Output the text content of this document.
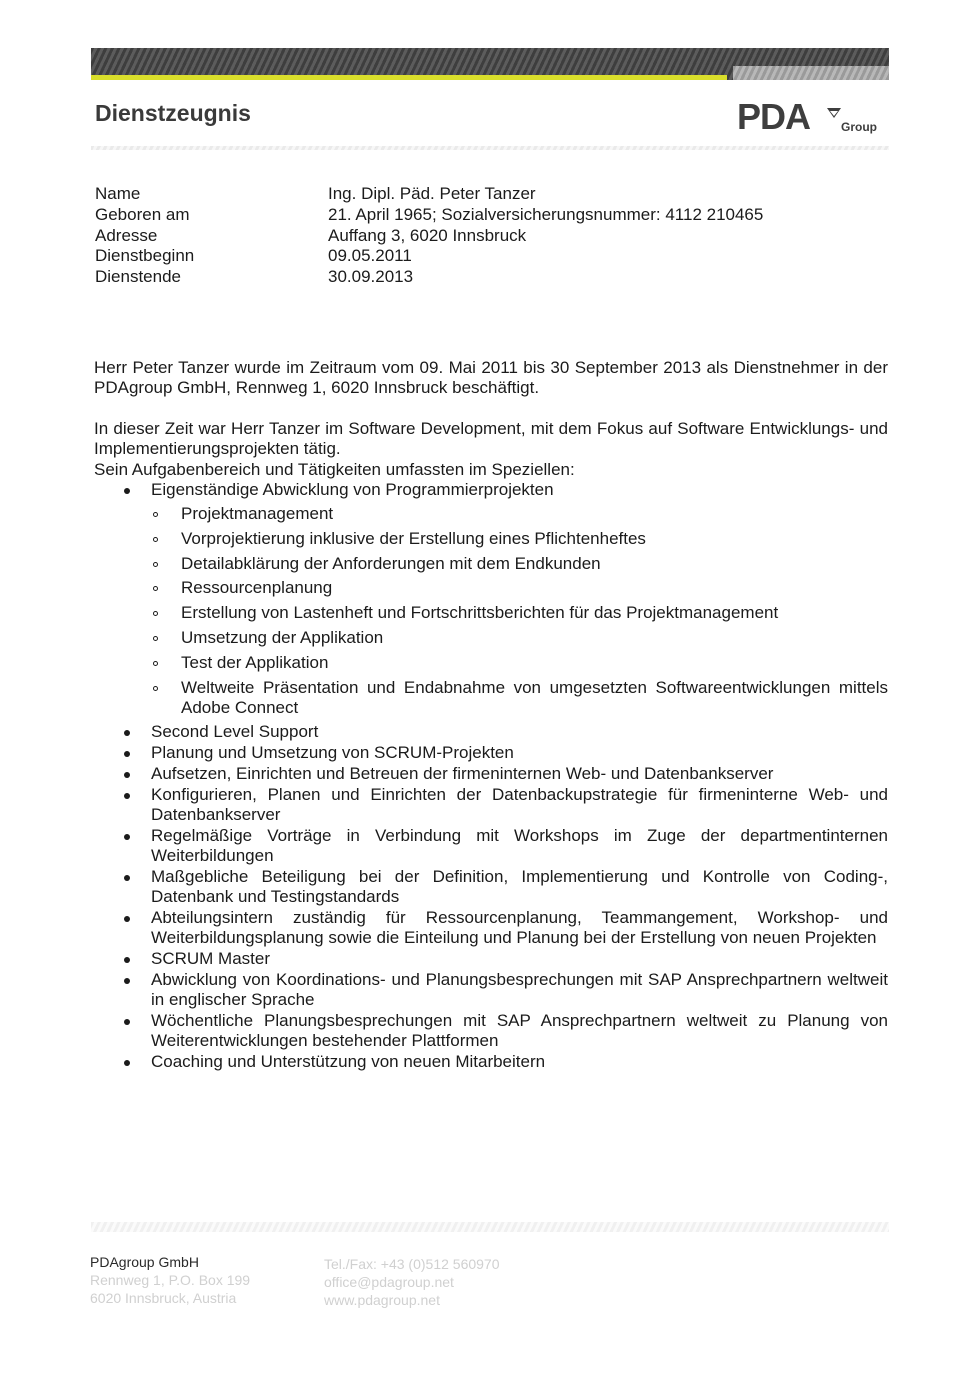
Dienstzeugnis	PDA	Group
Name	Ing. Dipl. Päd. Peter Tanzer
Geboren am	21. April 1965; Sozialversicherungsnummer: 4112 210465
Adresse	Auffang 3, 6020 Innsbruck
Dienstbeginn	09.05.2011
Dienstende	30.09.2013
Herr Peter Tanzer wurde im Zeitraum vom 09. Mai 2011 bis 30 September 2013 als Dienstnehmer in der PDAgroup GmbH, Rennweg 1, 6020 Innsbruck beschäftigt.
In dieser Zeit war Herr Tanzer im Software Development, mit dem Fokus auf Software Entwicklungs- und Implementierungsprojekten tätig.
Sein Aufgabenbereich und Tätigkeiten umfassten im Speziellen:
Eigenständige Abwicklung von Programmierprojekten
Projektmanagement
Vorprojektierung inklusive der Erstellung eines Pflichtenheftes
Detailabklärung der Anforderungen mit dem Endkunden
Ressourcenplanung
Erstellung von Lastenheft und Fortschrittsberichten für das Projektmanagement
Umsetzung der Applikation
Test der Applikation
Weltweite Präsentation und Endabnahme von umgesetzten Softwareentwicklungen mittels Adobe Connect
Second Level Support
Planung und Umsetzung von SCRUM-Projekten
Aufsetzen, Einrichten und Betreuen der firmeninternen Web- und Datenbankserver
Konfigurieren, Planen und Einrichten der Datenbackupstrategie für firmeninterne Web- und Datenbankserver
Regelmäßige Vorträge in Verbindung mit Workshops im Zuge der departmentinternen Weiterbildungen
Maßgebliche Beteiligung bei der Definition, Implementierung und Kontrolle von Coding-, Datenbank und Testingstandards
Abteilungsintern zuständig für Ressourcenplanung, Teammangement, Workshop- und Weiterbildungsplanung sowie die Einteilung und Planung bei der Erstellung von neuen Projekten
SCRUM Master
Abwicklung von Koordinations- und Planungsbesprechungen mit SAP Ansprechpartnern weltweit in englischer Sprache
Wöchentliche Planungsbesprechungen mit SAP Ansprechpartnern weltweit zu Planung von Weiterentwicklungen bestehender Plattformen
Coaching und Unterstützung von neuen Mitarbeitern
PDAgroup GmbH
Rennweg 1, P.O. Box 199
6020 Innsbruck, Austria
Tel./Fax: +43 (0)512 560970
office@pdagroup.net
www.pdagroup.net
